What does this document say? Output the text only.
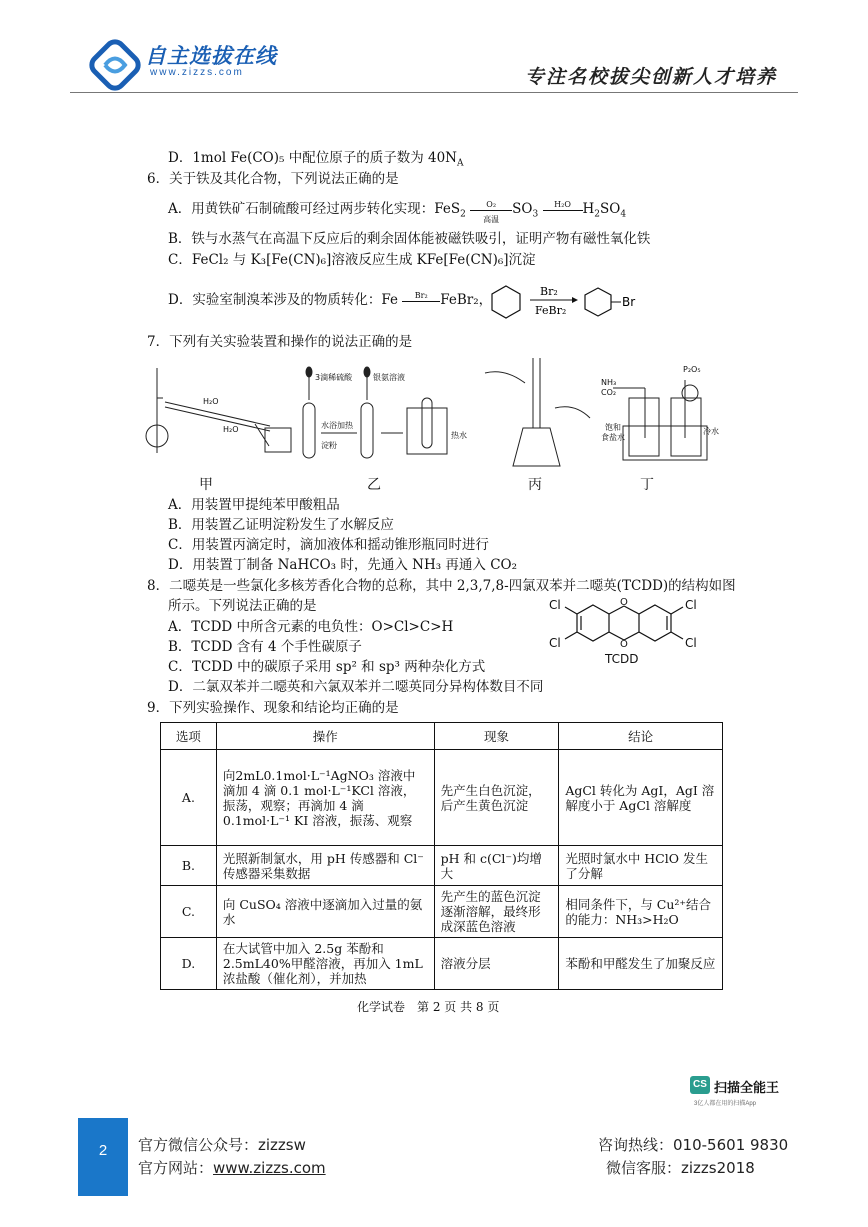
自主选拔在线
www.zizzs.com	专注名校拔尖创新人才培养
D．1mol Fe(CO)₅ 中配位原子的质子数为 $40N_A$
6．关于铁及其化合物，下列说法正确的是
A．用黄铁矿石制硫酸可经过两步转化实现：FeS$_2$
O₂
高温
$SO_3$
H₂O $H_2SO_4$
B．铁与水蒸气在高温下反应后的剩余固体能被磁铁吸引，证明产物有磁性氧化铁
C．FeCl₂ 与 K₃[Fe(CN)₆]溶液反应生成 KFe[Fe(CN)₆]沉淀
D．实验室制溴苯涉及的物质转化：Fe	Br₂ FeBr₂，
Br₂
FeBr₂
Br
7．下列有关实验装置和操作的说法正确的是
H₂O
H₂O
3滴稀硫酸	银氨溶液
水浴加热
淀粉
热水
NH₃
CO₂
P₂O₅
饱和
食盐水
冷水
甲	乙	丙	丁
A．用装置甲提纯苯甲酸粗品
B．用装置乙证明淀粉发生了水解反应
C．用装置丙滴定时，滴加液体和摇动锥形瓶同时进行
D．用装置丁制备 NaHCO₃ 时，先通入 NH₃ 再通入 CO₂
8．二噁英是一些氯化多核芳香化合物的总称，其中 2,3,7,8-四氯双苯并二噁英(TCDD)的结构如图
所示。下列说法正确的是
A．TCDD 中所含元素的电负性：O>Cl>C>H
B．TCDD 含有 4 个手性碳原子
C．TCDD 中的碳原子采用 sp² 和 sp³ 两种杂化方式
D．二氯双苯并二噁英和六氯双苯并二噁英同分异构体数目不同
Cl
Cl
Cl
Cl
O
O
TCDD
9．下列实验操作、现象和结论均正确的是
选项	操作	现象	结论
A.	向2mL0.1mol·L⁻¹AgNO₃ 溶液中滴加 4 滴 0.1 mol·L⁻¹KCl 溶液，振荡，观察；再滴加 4 滴 0.1mol·L⁻¹ KI 溶液，振荡、观察	先产生白色沉淀，后产生黄色沉淀	AgCl 转化为 AgI，AgI 溶解度小于 AgCl 溶解度
B.	光照新制氯水，用 pH 传感器和 Cl⁻ 传感器采集数据	pH 和 c(Cl⁻)均增大	光照时氯水中 HClO 发生了分解
C.	向 CuSO₄ 溶液中逐滴加入过量的氨水	先产生的蓝色沉淀逐渐溶解，最终形成深蓝色溶液	相同条件下，与 Cu²⁺结合的能力：NH₃>H₂O
D.	在大试管中加入 2.5g 苯酚和 2.5mL40%甲醛溶液，再加入 1mL 浓盐酸（催化剂），并加热	溶液分层	苯酚和甲醛发生了加聚反应
化学试卷　第 2 页 共 8 页
CS 扫描全能王
3亿人都在用的扫描App
2	官方微信公众号：zizzsw
官方网站：www.zizzs.com
咨询热线：010-5601 9830
微信客服：zizzs2018
